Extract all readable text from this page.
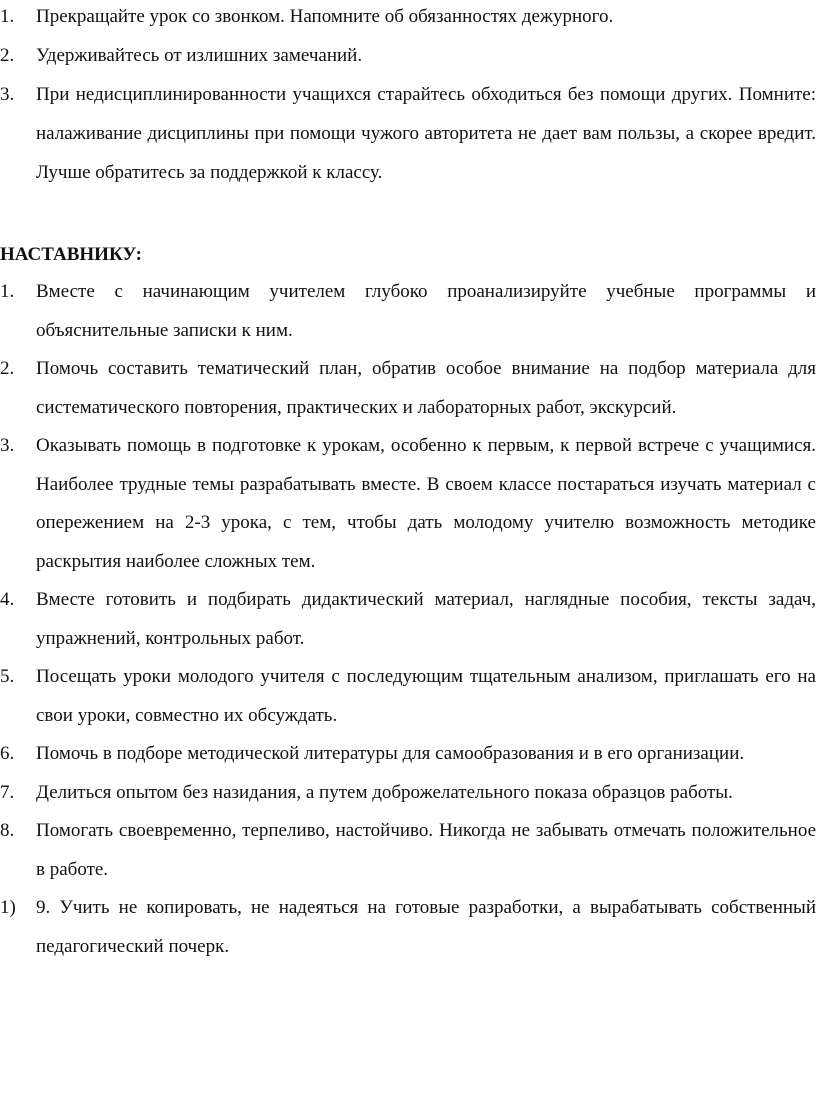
1.	Прекращайте урок со звонком. Напомните об обязанностях дежурного.
2.	Удерживайтесь от излишних замечаний.
3.	При недисциплинированности учащихся старайтесь обходиться без помощи других. Помните: налаживание дисциплины при помощи чужого авторитета не дает вам пользы, а скорее вредит. Лучше обратитесь за поддержкой к классу.
НАСТАВНИКУ:
1.	Вместе с начинающим учителем глубоко проанализируйте учебные программы и объяснительные записки к ним.
2.	Помочь составить тематический план, обратив особое внимание на подбор материала для систематического повторения, практических и лабораторных работ, экскурсий.
3.	Оказывать помощь в подготовке к урокам, особенно к первым, к первой встрече с учащимися. Наиболее трудные темы разрабатывать вместе. В своем классе постараться изучать материал с опережением на 2-3 урока, с тем, чтобы дать молодому учителю возможность методике раскрытия наиболее сложных тем.
4.	Вместе готовить и подбирать дидактический материал, наглядные пособия, тексты задач, упражнений, контрольных работ.
5.	Посещать уроки молодого учителя с последующим тщательным анализом, приглашать его на свои уроки, совместно их обсуждать.
6.	Помочь в подборе методической литературы для самообразования и в его организации.
7.	Делиться опытом без назидания, а путем доброжелательного показа образцов работы.
8.	Помогать своевременно, терпеливо, настойчиво. Никогда не забывать отмечать положительное в работе.
1)	9. Учить не копировать, не надеяться на готовые разработки, а вырабатывать собственный педагогический почерк.
